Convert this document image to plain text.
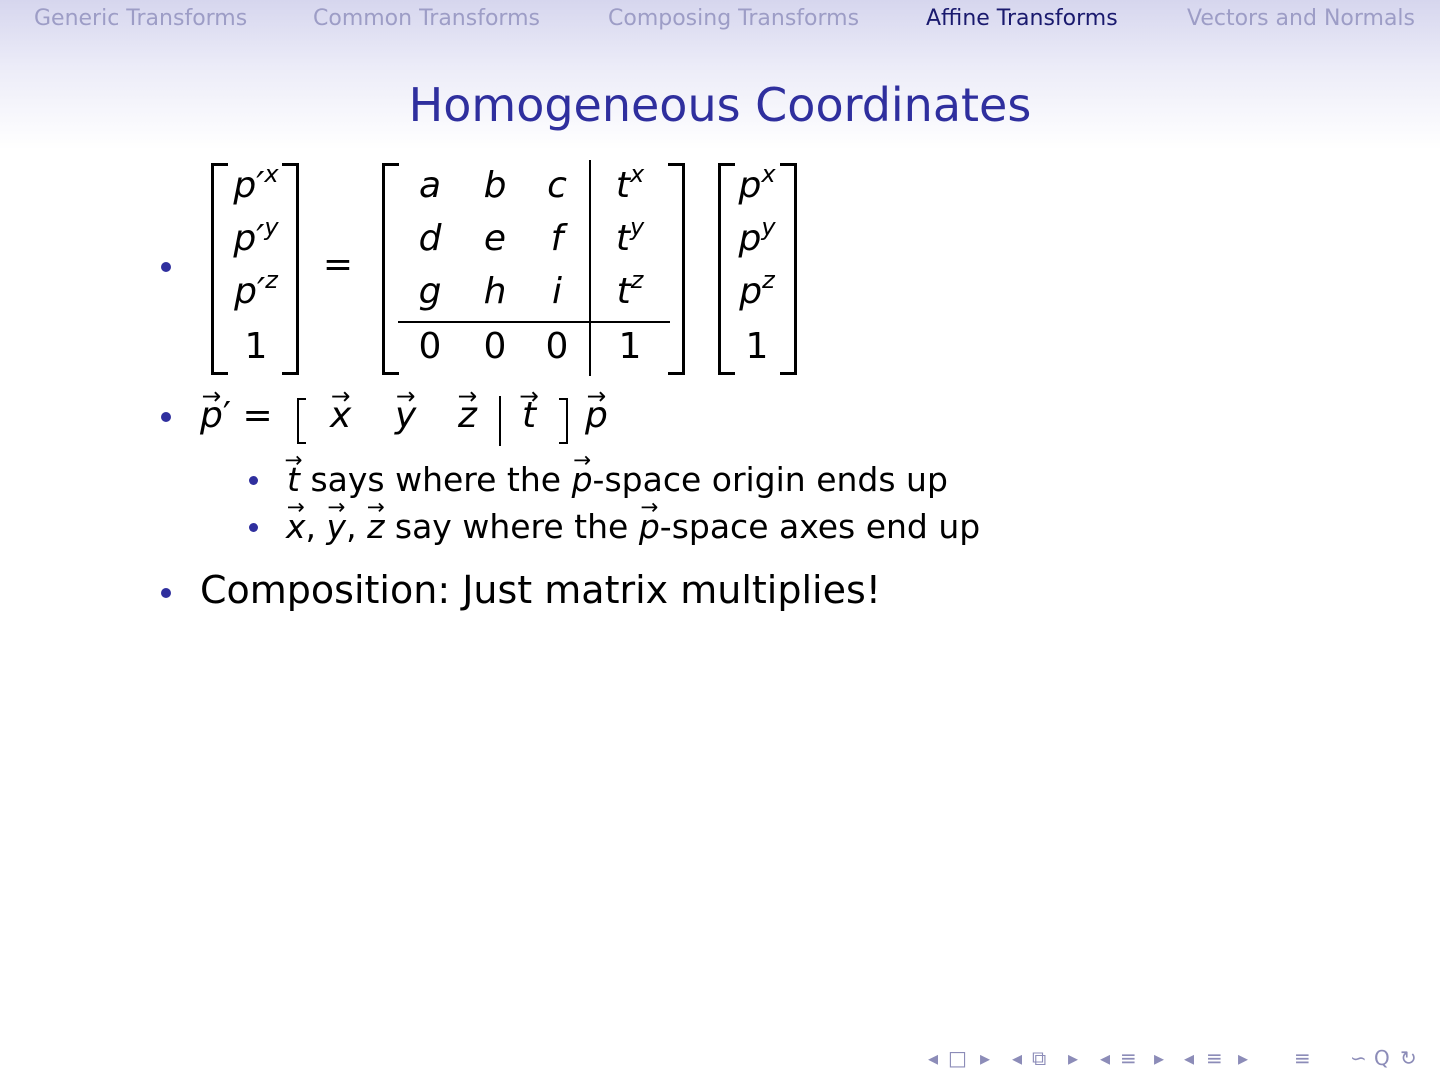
Generic Transforms	Common Transforms	Composing Transforms	Affine Transforms	Vectors and Normals
Homogeneous Coordinates
$p'^x$
$p'^y$
$p'^z$
1
=
a	b	c	$t^x$
d	e	f	$t^y$
g	h	i	$t^z$
0	0	0	1
$p^x$
$p^y$
$p^z$
1
→ p′ = → x → y → z → t → p
→ t says where the → p-space origin ends up
→ x, → y, → z say where the → p-space axes end up
Composition: Just matrix multiplies!
◂ □ ▸ ◂ ⧉ ▸ ◂ ≡ ▸ ◂ ≡ ▸ ≡ ∽ Q ↻
